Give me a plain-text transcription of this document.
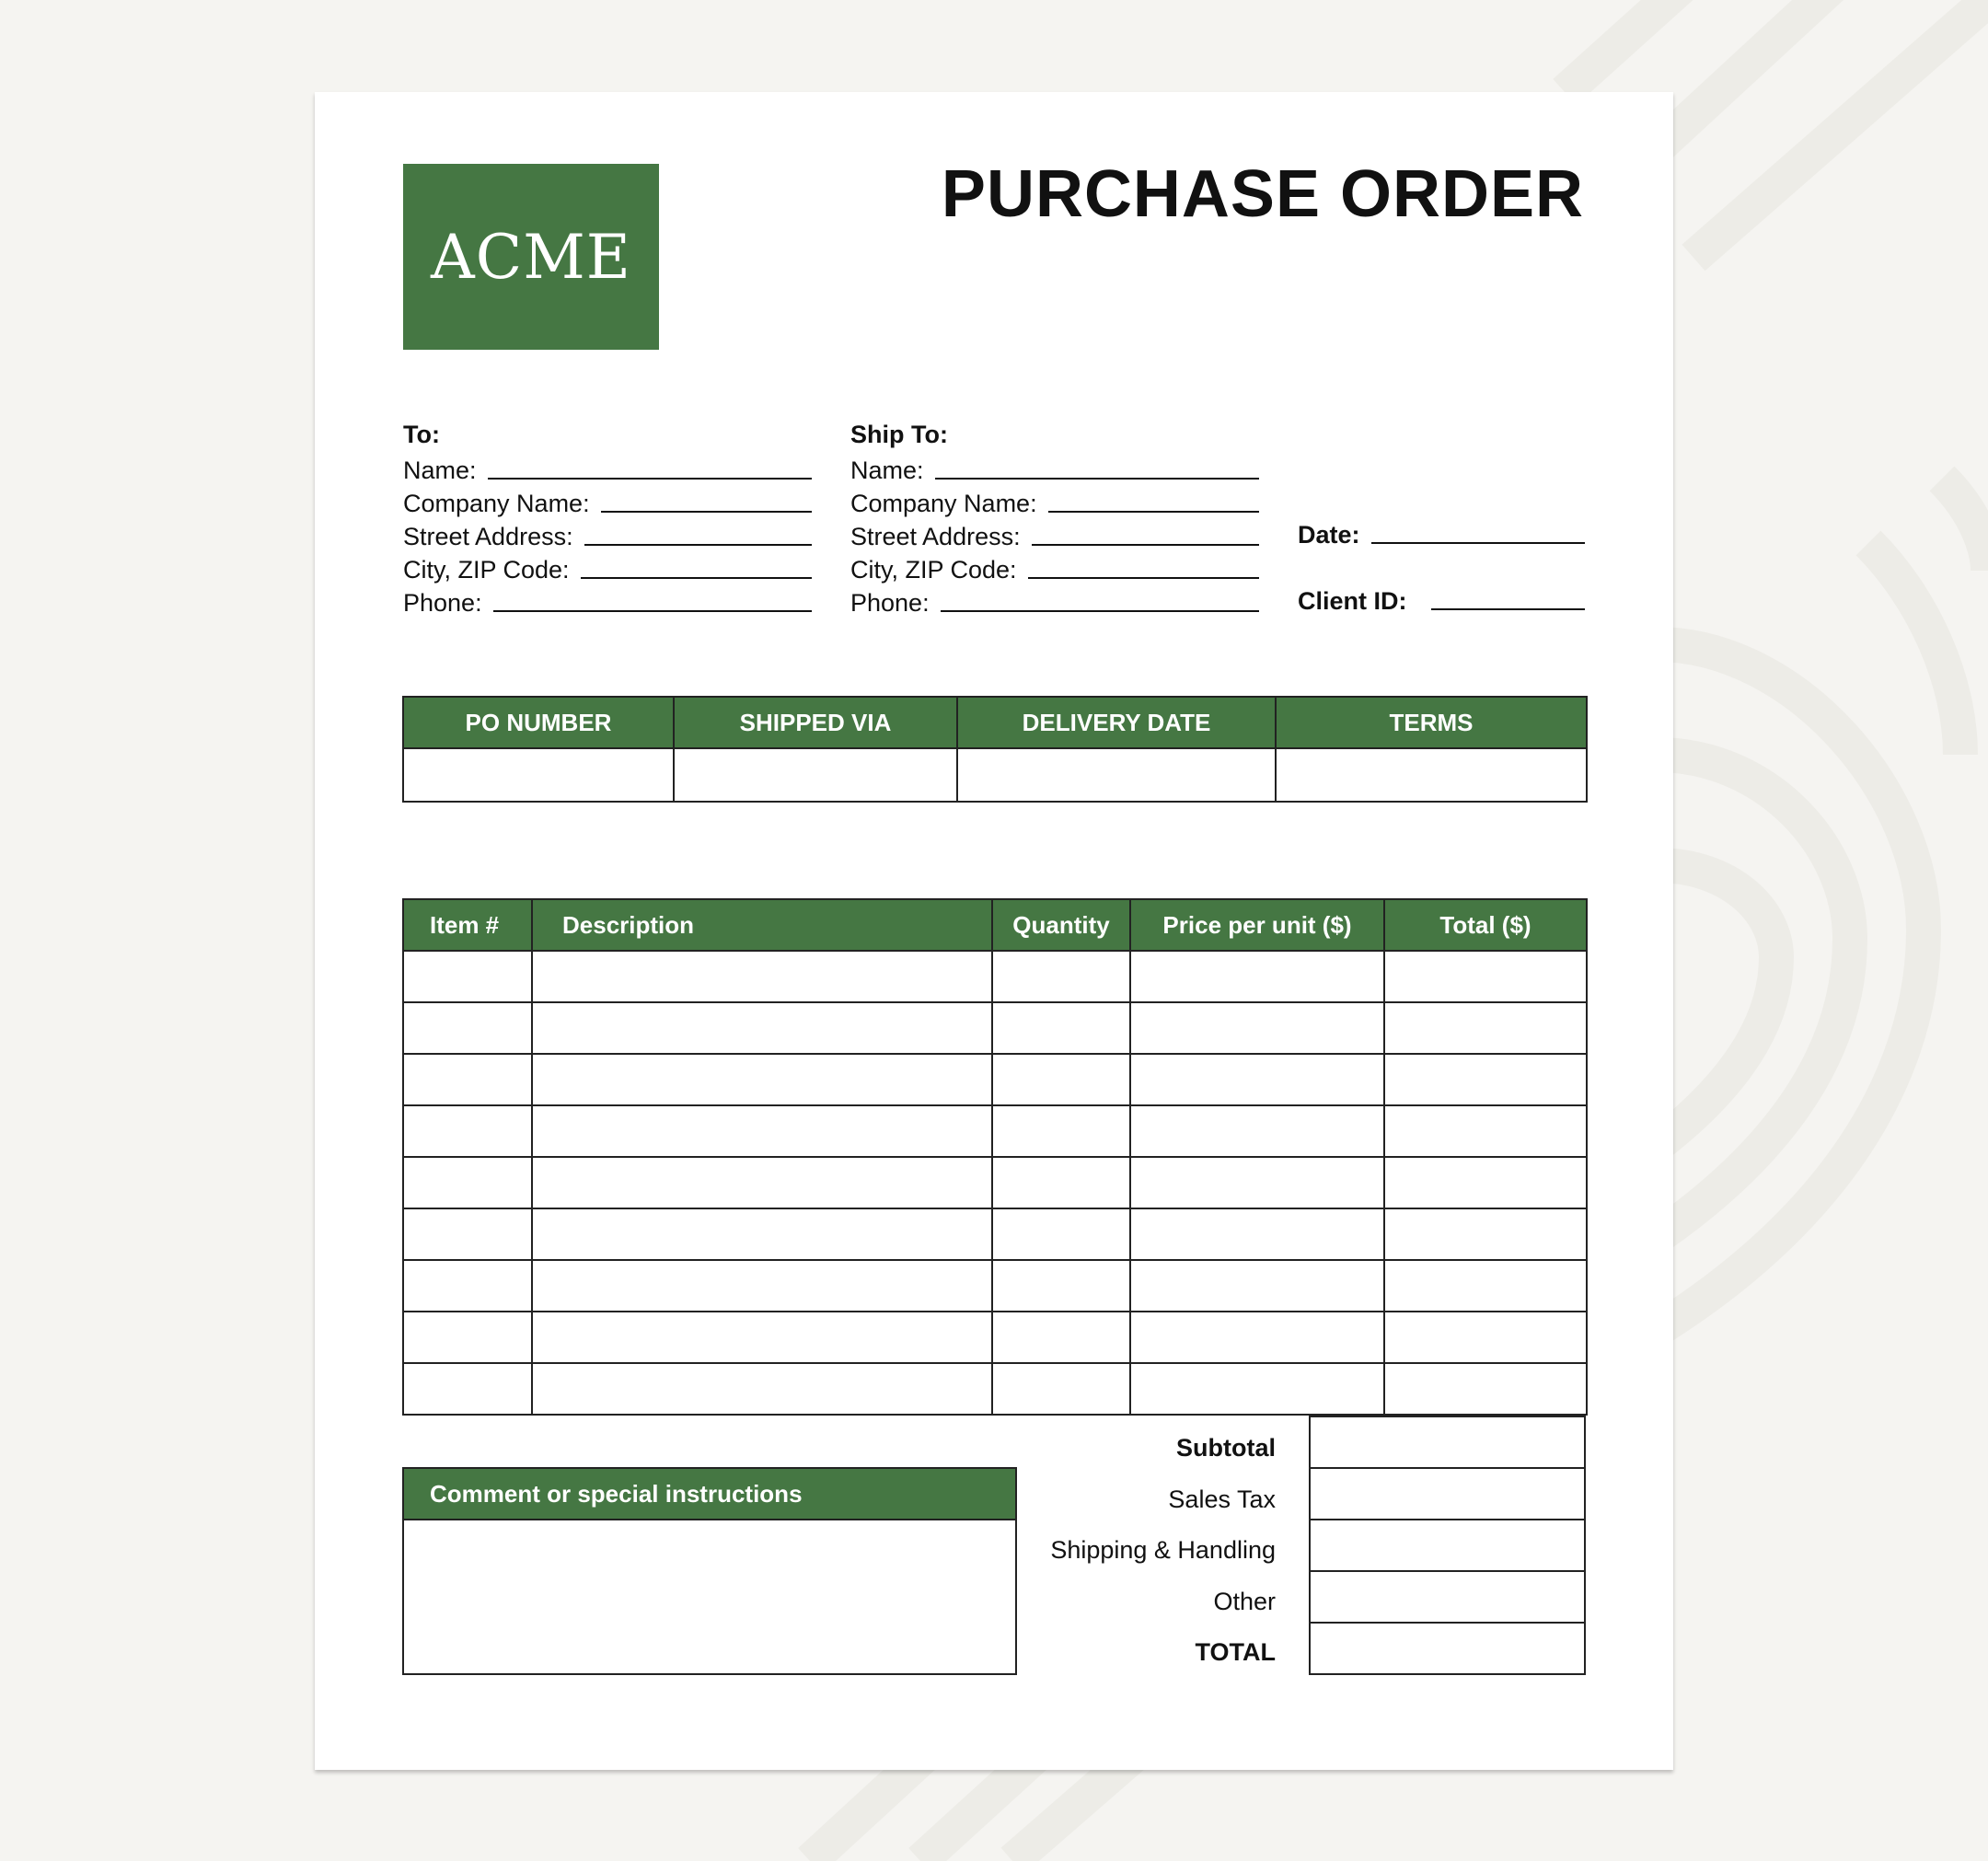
ACME
PURCHASE ORDER
To:
Name:
Company Name:
Street Address:
City, ZIP Code:
Phone:
Ship To:
Name:
Company Name:
Street Address:
City, ZIP Code:
Phone:
Date:
Client ID:
PO NUMBER	SHIPPED VIA	DELIVERY DATE	TERMS

Item #	Description	Quantity	Price per unit ($)	Total ($)

Comment or special instructions
Subtotal
Sales Tax
Shipping & Handling
Other
TOTAL
